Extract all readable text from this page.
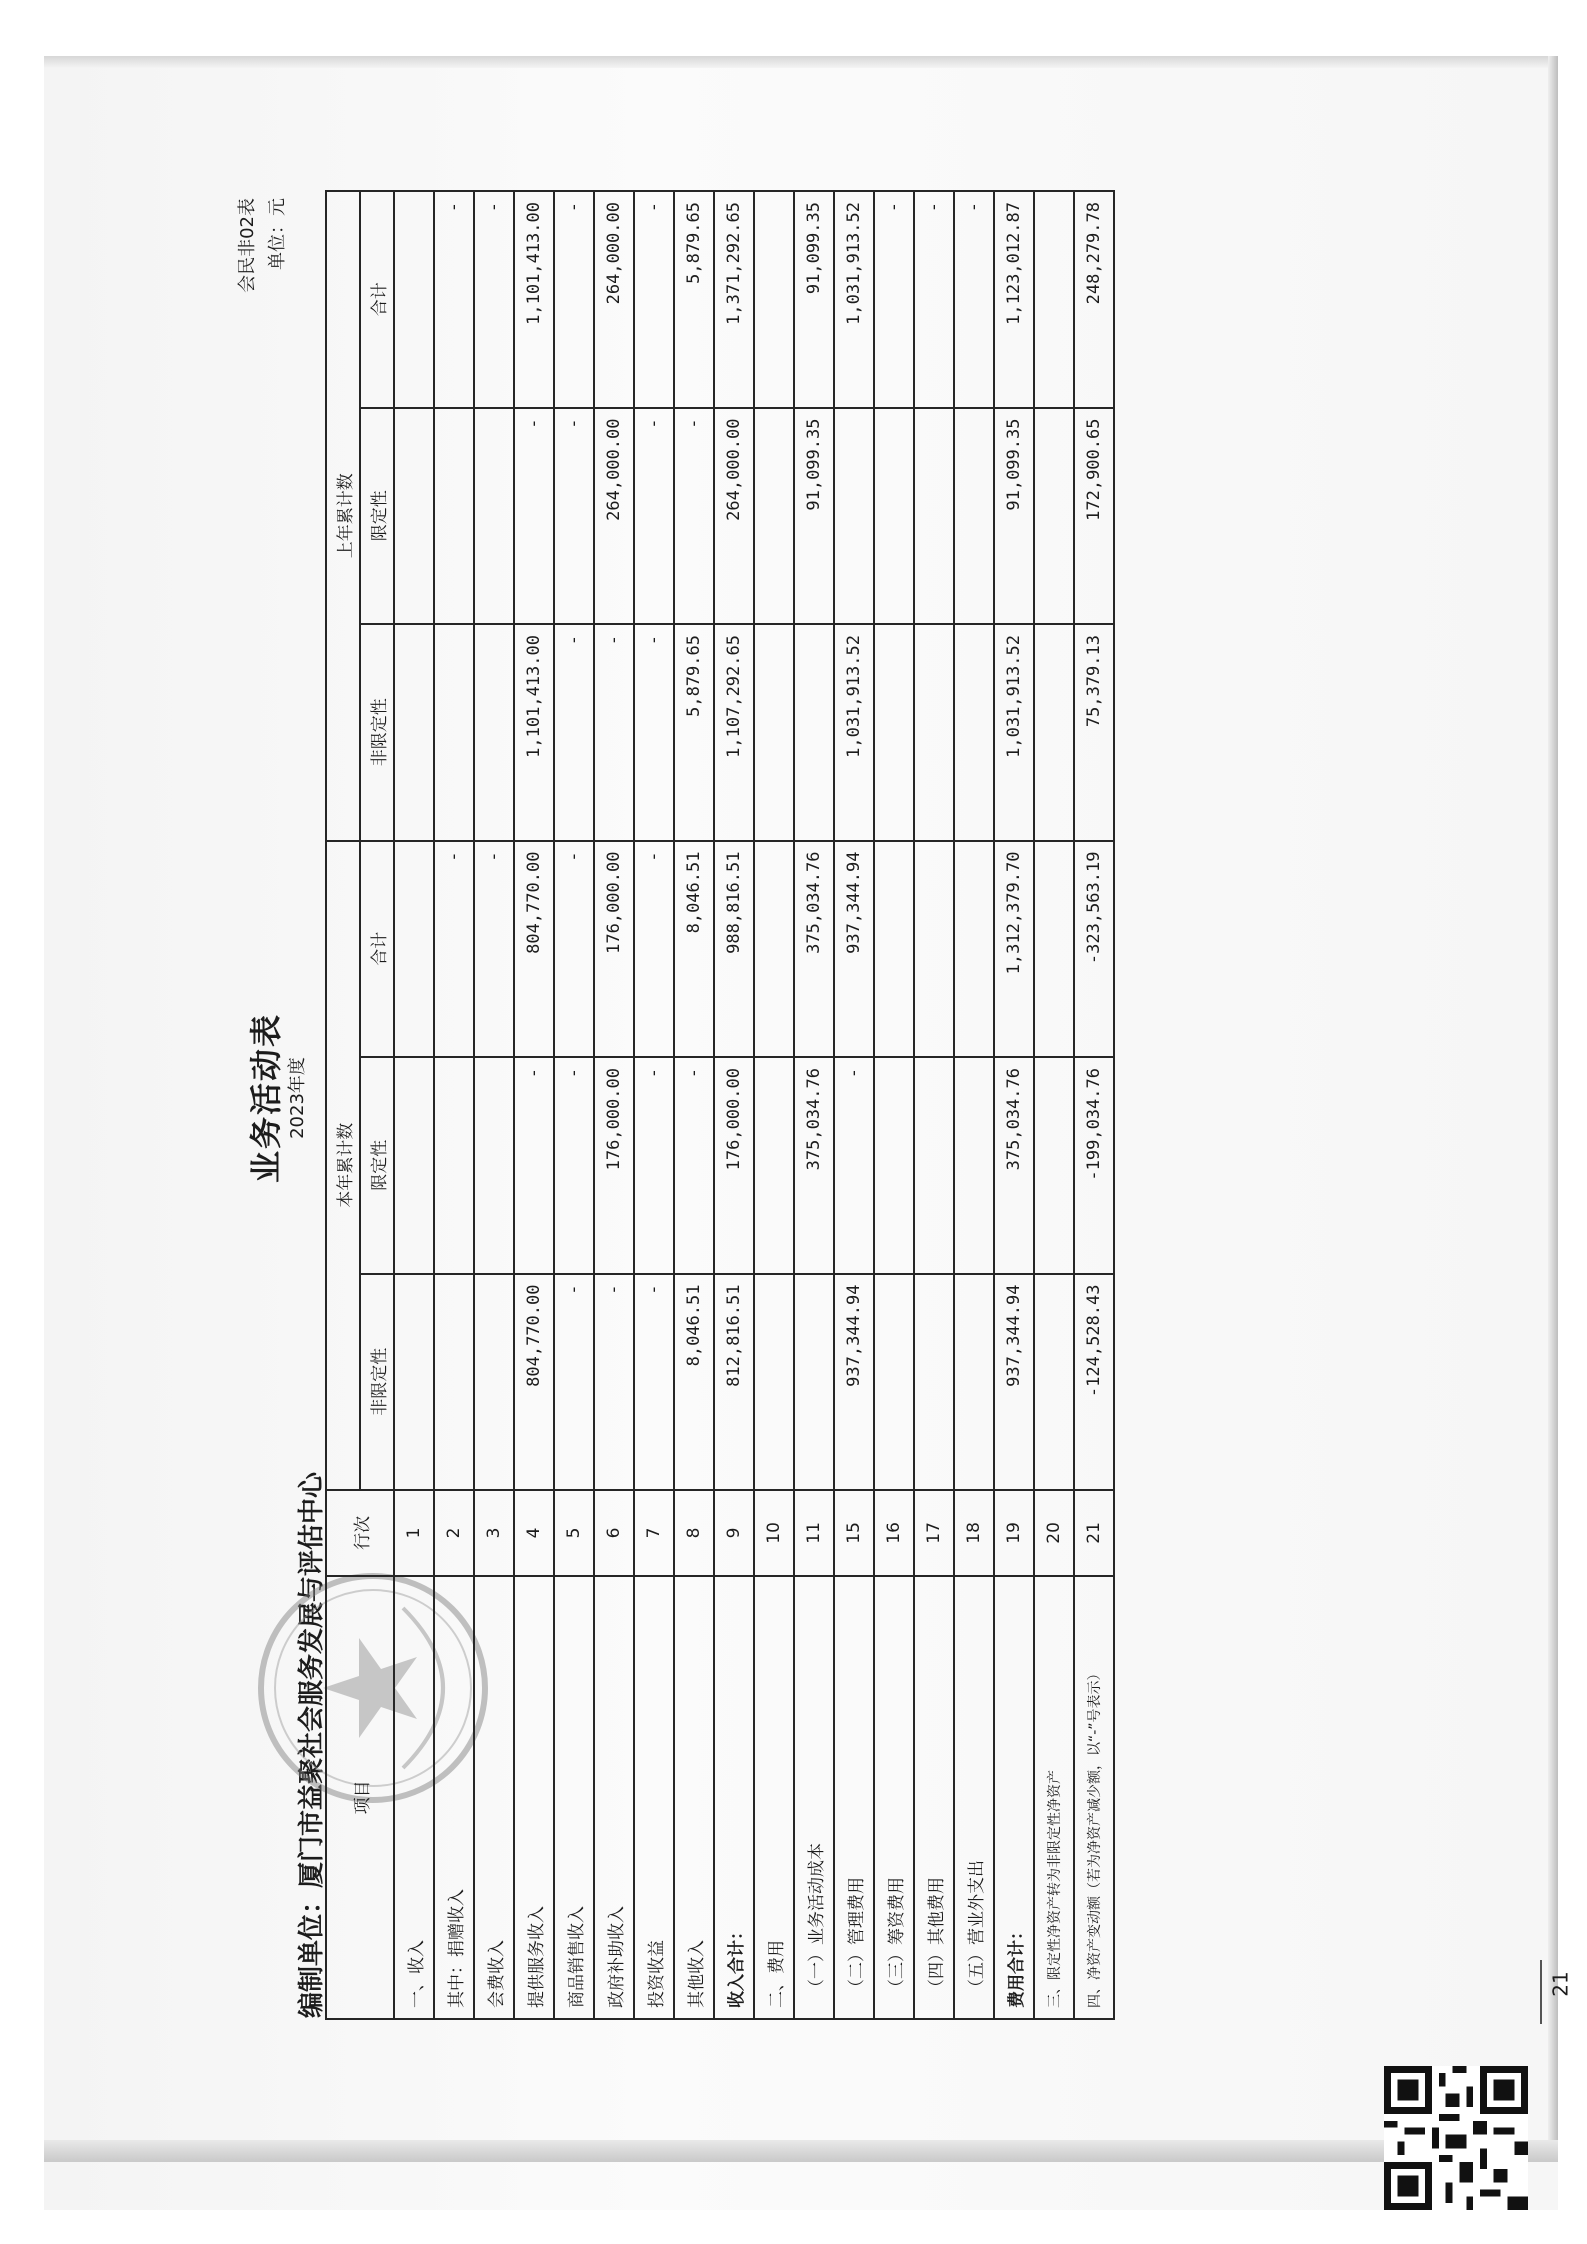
业务活动表 2023年度
会民非02表 单位：元
编制单位：厦门市益聚社会服务发展与评估中心 项目	行次	本年累计数			上年累计数		
		非限定性	限定性	合计	非限定性	限定性	合计
一、收入	1						
其中：捐赠收入	2			-			-
会费收入	3			-			-
提供服务收入	4	804,770.00	-	804,770.00	1,101,413.00	-	1,101,413.00
商品销售收入	5	-	-	-	-	-	-
政府补助收入	6	-	176,000.00	176,000.00	-	264,000.00	264,000.00
投资收益	7	-	-	-	-	-	-
其他收入	8	8,046.51	-	8,046.51	5,879.65	-	5,879.65
收入合计：	9	812,816.51	176,000.00	988,816.51	1,107,292.65	264,000.00	1,371,292.65
二、费用	10						
（一）业务活动成本	11		375,034.76	375,034.76		91,099.35	91,099.35
（二）管理费用	15	937,344.94	-	937,344.94	1,031,913.52		1,031,913.52
（三）筹资费用	16						-
（四）其他费用	17						-
（五）营业外支出	18						-
费用合计：	19	937,344.94	375,034.76	1,312,379.70	1,031,913.52	91,099.35	1,123,012.87
三、限定性净资产转为非限定性净资产	20						
四、净资产变动额（若为净资产减少额，以“-”号表示）	21	-124,528.43	-199,034.76	-323,563.19	75,379.13	172,900.65	248,279.78
21
